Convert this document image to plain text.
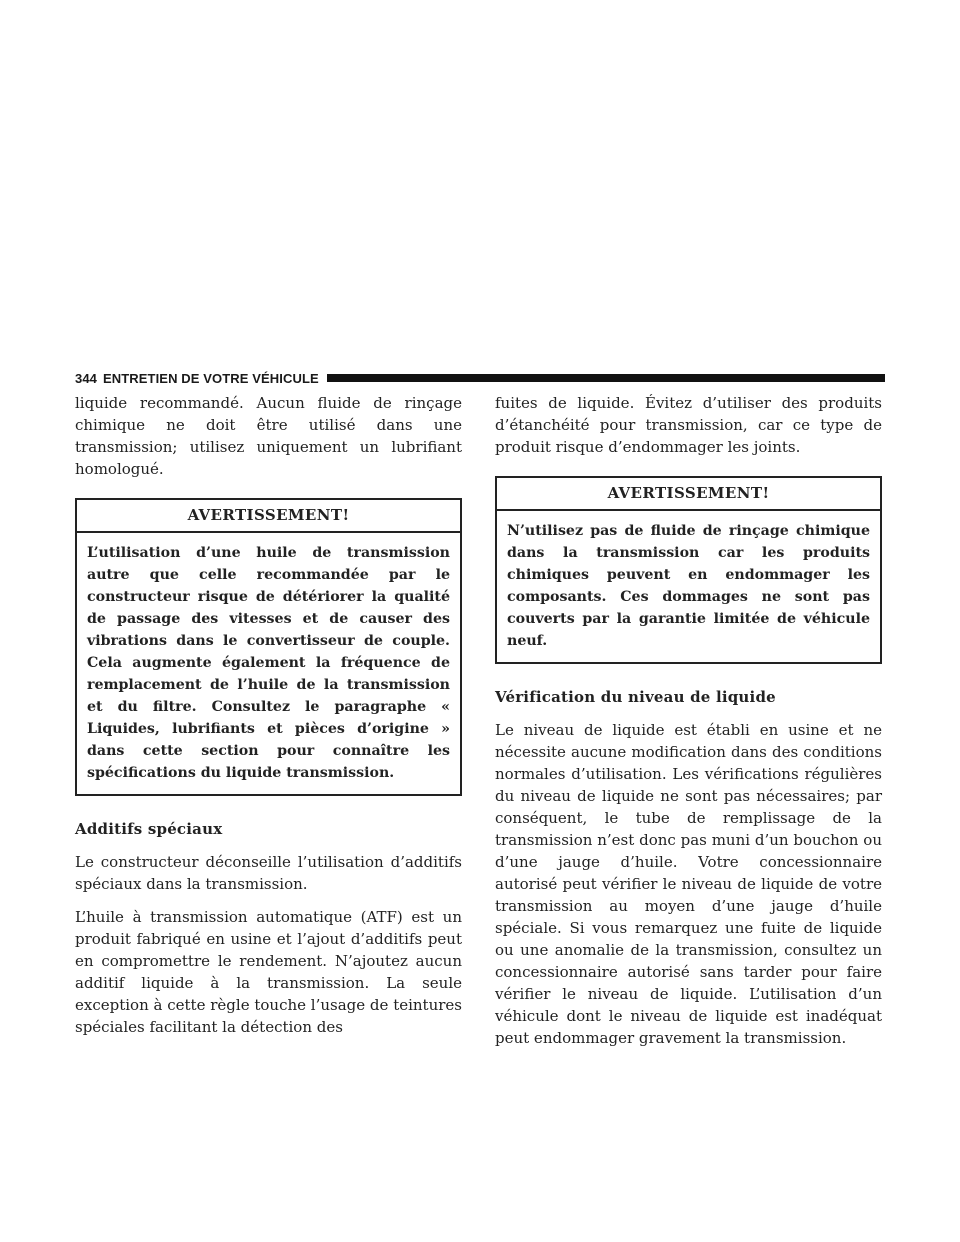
344 ENTRETIEN DE VOTRE VÉHICULE

liquide recommandé. Aucun fluide de rinçage chimique ne doit être utilisé dans une transmission; utilisez uniquement un lubrifiant homologué.

AVERTISSEMENT!

L’utilisation d’une huile de transmission autre que celle recommandée par le constructeur risque de détériorer la qualité de passage des vitesses et de causer des vibrations dans le convertisseur de couple. Cela augmente également la fréquence de remplacement de l’huile de la transmission et du filtre. Consultez le paragraphe « Liquides, lubrifiants et pièces d’origine » dans cette section pour connaître les spécifications du liquide transmission.

Additifs spéciaux

Le constructeur déconseille l’utilisation d’additifs spéciaux dans la transmission.

L’huile à transmission automatique (ATF) est un produit fabriqué en usine et l’ajout d’additifs peut en compromettre le rendement. N’ajoutez aucun additif liquide à la transmission. La seule exception à cette règle touche l’usage de teintures spéciales facilitant la détection des

fuites de liquide. Évitez d’utiliser des produits d’étanchéité pour transmission, car ce type de produit risque d’endommager les joints.

AVERTISSEMENT!

N’utilisez pas de fluide de rinçage chimique dans la transmission car les produits chimiques peuvent en endommager les composants. Ces dommages ne sont pas couverts par la garantie limitée de véhicule neuf.

Vérification du niveau de liquide

Le niveau de liquide est établi en usine et ne nécessite aucune modification dans des conditions normales d’utilisation. Les vérifications régulières du niveau de liquide ne sont pas nécessaires; par conséquent, le tube de remplissage de la transmission n’est donc pas muni d’un bouchon ou d’une jauge d’huile. Votre concessionnaire autorisé peut vérifier le niveau de liquide de votre transmission au moyen d’une jauge d’huile spéciale. Si vous remarquez une fuite de liquide ou une anomalie de la transmission, consultez un concessionnaire autorisé sans tarder pour faire vérifier le niveau de liquide. L’utilisation d’un véhicule dont le niveau de liquide est inadéquat peut endommager gravement la transmission.
